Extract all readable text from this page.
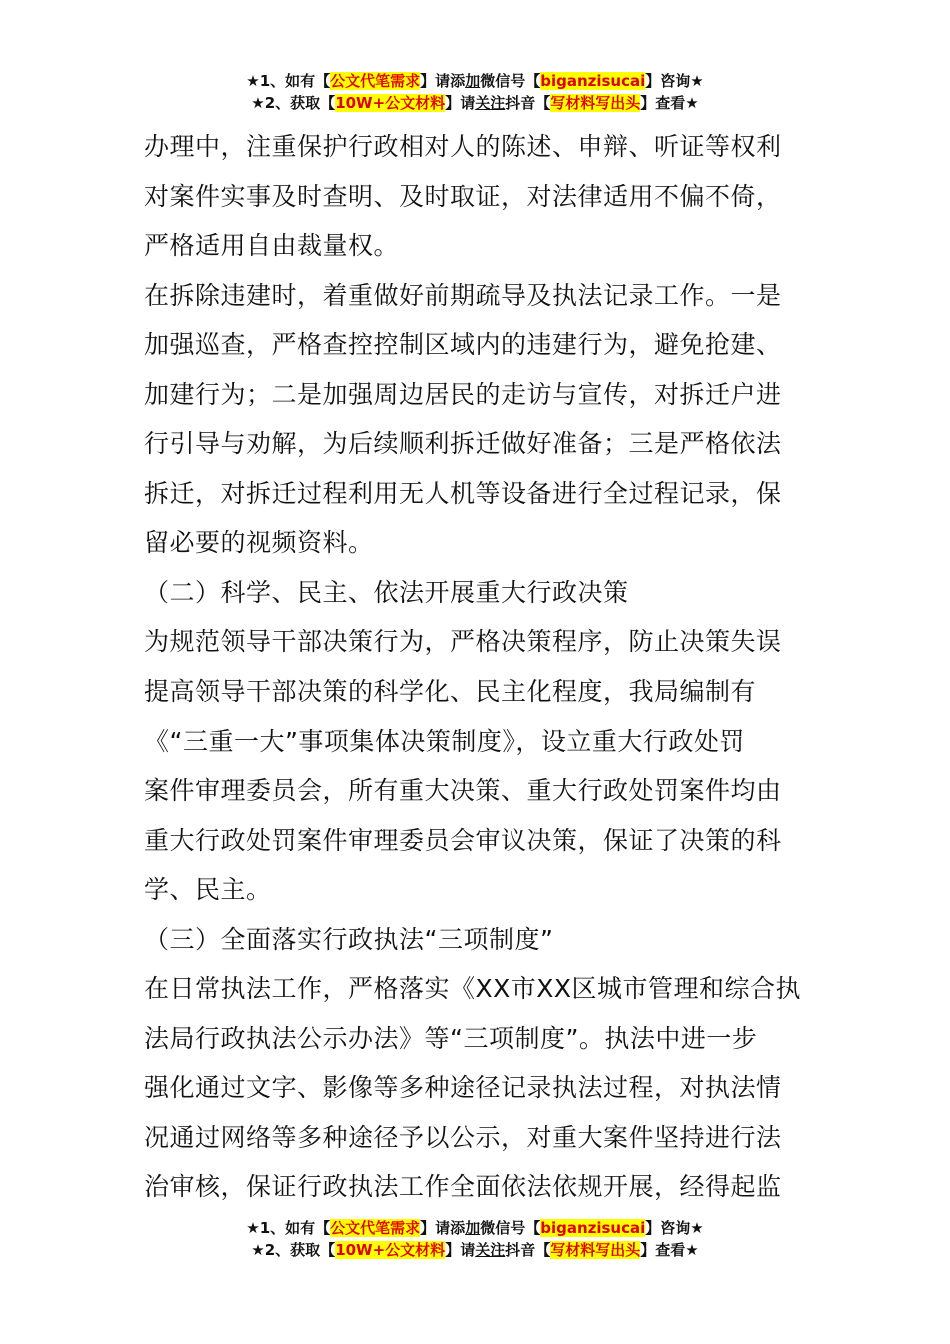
★1、如有【公文代笔需求】请添加微信号【biganzisucai】咨询★
★2、获取【10W+公文材料】请关注抖音【写材料写出头】查看★
办理中，注重保护行政相对人的陈述、申辩、听证等权利
对案件实事及时查明、及时取证，对法律适用不偏不倚，
严格适用自由裁量权。
在拆除违建时，着重做好前期疏导及执法记录工作。一是
加强巡查，严格查控控制区域内的违建行为，避免抢建、
加建行为；二是加强周边居民的走访与宣传，对拆迁户进
行引导与劝解，为后续顺利拆迁做好准备；三是严格依法
拆迁，对拆迁过程利用无人机等设备进行全过程记录，保
留必要的视频资料。
（二）科学、民主、依法开展重大行政决策
为规范领导干部决策行为，严格决策程序，防止决策失误
提高领导干部决策的科学化、民主化程度，我局编制有
《“三重一大”事项集体决策制度》，设立重大行政处罚
案件审理委员会，所有重大决策、重大行政处罚案件均由
重大行政处罚案件审理委员会审议决策，保证了决策的科
学、民主。
（三）全面落实行政执法“三项制度”
在日常执法工作，严格落实《XX市XX区城市管理和综合执
法局行政执法公示办法》等“三项制度”。执法中进一步
强化通过文字、影像等多种途径记录执法过程，对执法情
况通过网络等多种途径予以公示，对重大案件坚持进行法
治审核，保证行政执法工作全面依法依规开展，经得起监
★1、如有【公文代笔需求】请添加微信号【biganzisucai】咨询★
★2、获取【10W+公文材料】请关注抖音【写材料写出头】查看★
